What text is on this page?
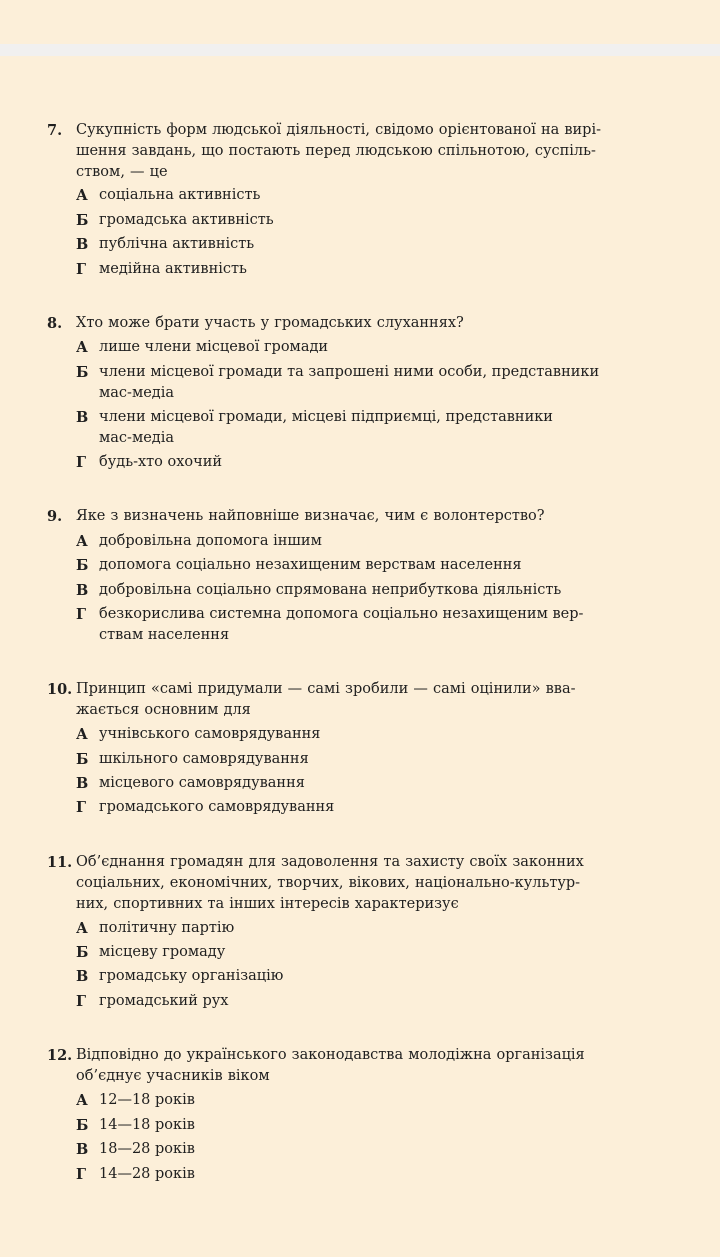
7. Сукупність форм людської діяльності, свідомо орієнтованої на вирі-
шення завдань, що постають перед людською спільнотою, суспіль-
ством, — це
А соціальна активність
Б громадська активність
В публічна активність
Г медійна активність
8. Хто може брати участь у громадських слуханнях?
А лише члени місцевої громади
Б члени місцевої громади та запрошені ними особи, представники
мас-медіа
В члени місцевої громади, місцеві підприємці, представники
мас-медіа
Г будь-хто охочий
9. Яке з визначень найповніше визначає, чим є волонтерство?
А добровільна допомога іншим
Б допомога соціально незахищеним верствам населення
В добровільна соціально спрямована неприбуткова діяльність
Г безкорислива системна допомога соціально незахищеним вер-
ствам населення
10. Принцип «самі придумали — самі зробили — самі оцінили» вва-
жається основним для
А учнівського самоврядування
Б шкільного самоврядування
В місцевого самоврядування
Г громадського самоврядування
11. Об’єднання громадян для задоволення та захисту своїх законних
соціальних, економічних, творчих, вікових, національно-культур-
них, спортивних та інших інтересів характеризує
А політичну партію
Б місцеву громаду
В громадську організацію
Г громадський рух
12. Відповідно до українського законодавства молодіжна організація
об’єднує учасників віком
А 12—18 років
Б 14—18 років
В 18—28 років
Г 14—28 років
